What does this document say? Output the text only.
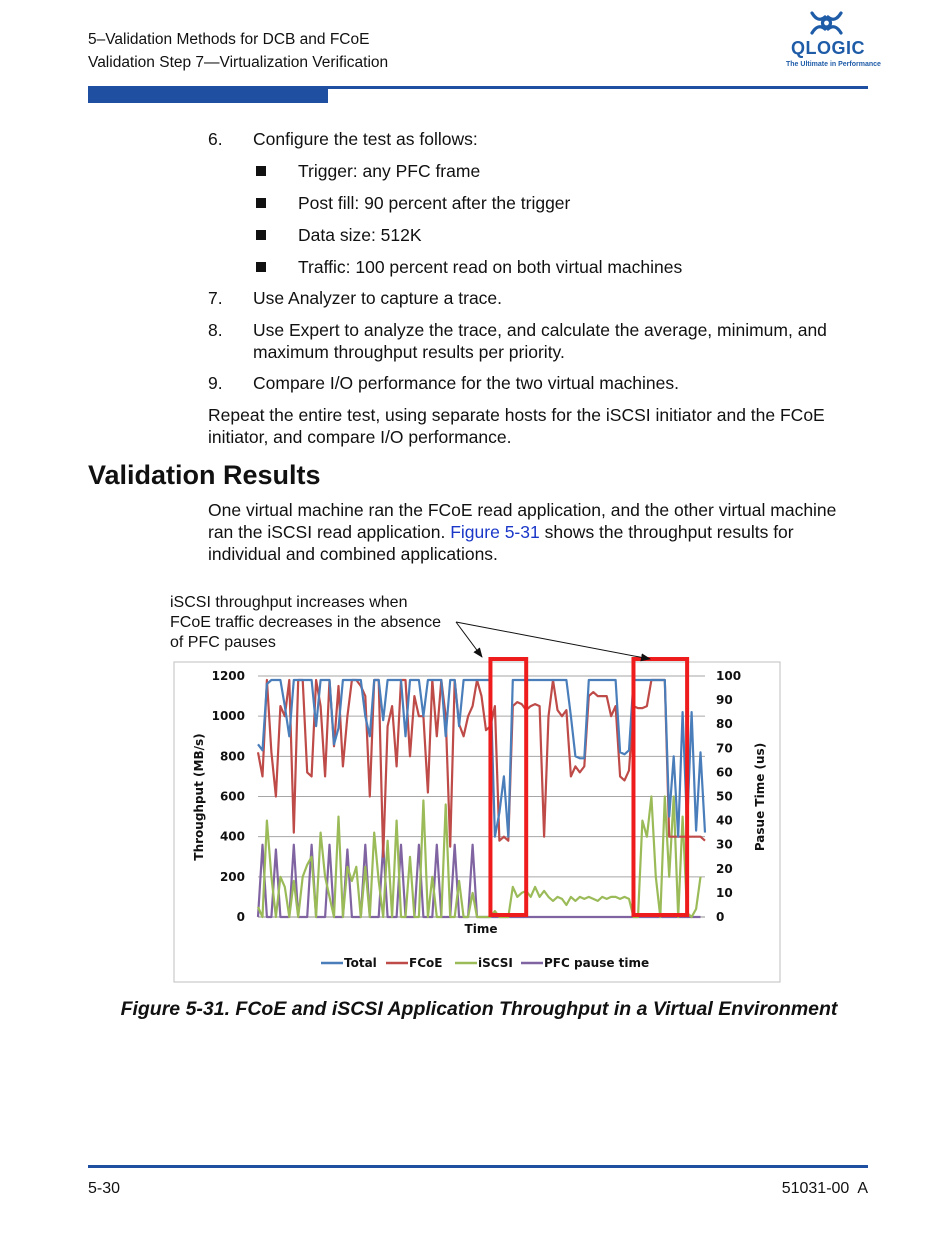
5–Validation Methods for DCB and FCoE
Validation Step 7—Virtualization Verification
QLOGIC
The Ultimate in Performance
6. Configure the test as follows:
Trigger: any PFC frame
Post fill: 90 percent after the trigger
Data size: 512K
Traffic: 100 percent read on both virtual machines
7. Use Analyzer to capture a trace.
8. Use Expert to analyze the trace, and calculate the average, minimum, and
maximum throughput results per priority.
9. Compare I/O performance for the two virtual machines.
Repeat the entire test, using separate hosts for the iSCSI initiator and the FCoE
initiator, and compare I/O performance.
Validation Results
One virtual machine ran the FCoE read application, and the other virtual machine
ran the iSCSI read application. Figure 5-31 shows the throughput results for
individual and combined applications.
iSCSI throughput increases when
FCoE traffic decreases in the absence
of PFC pauses
0
200
400
600
800
1000
1200
0
10
20
30
40
50
60
70
80
90
100
Time
Throughput (MB/s)	Pasue Time (us)
Total	FCoE	iSCSI	PFC pause time
Figure 5-31. FCoE and iSCSI Application Throughput in a Virtual Environment
5-30	51031-00  A
